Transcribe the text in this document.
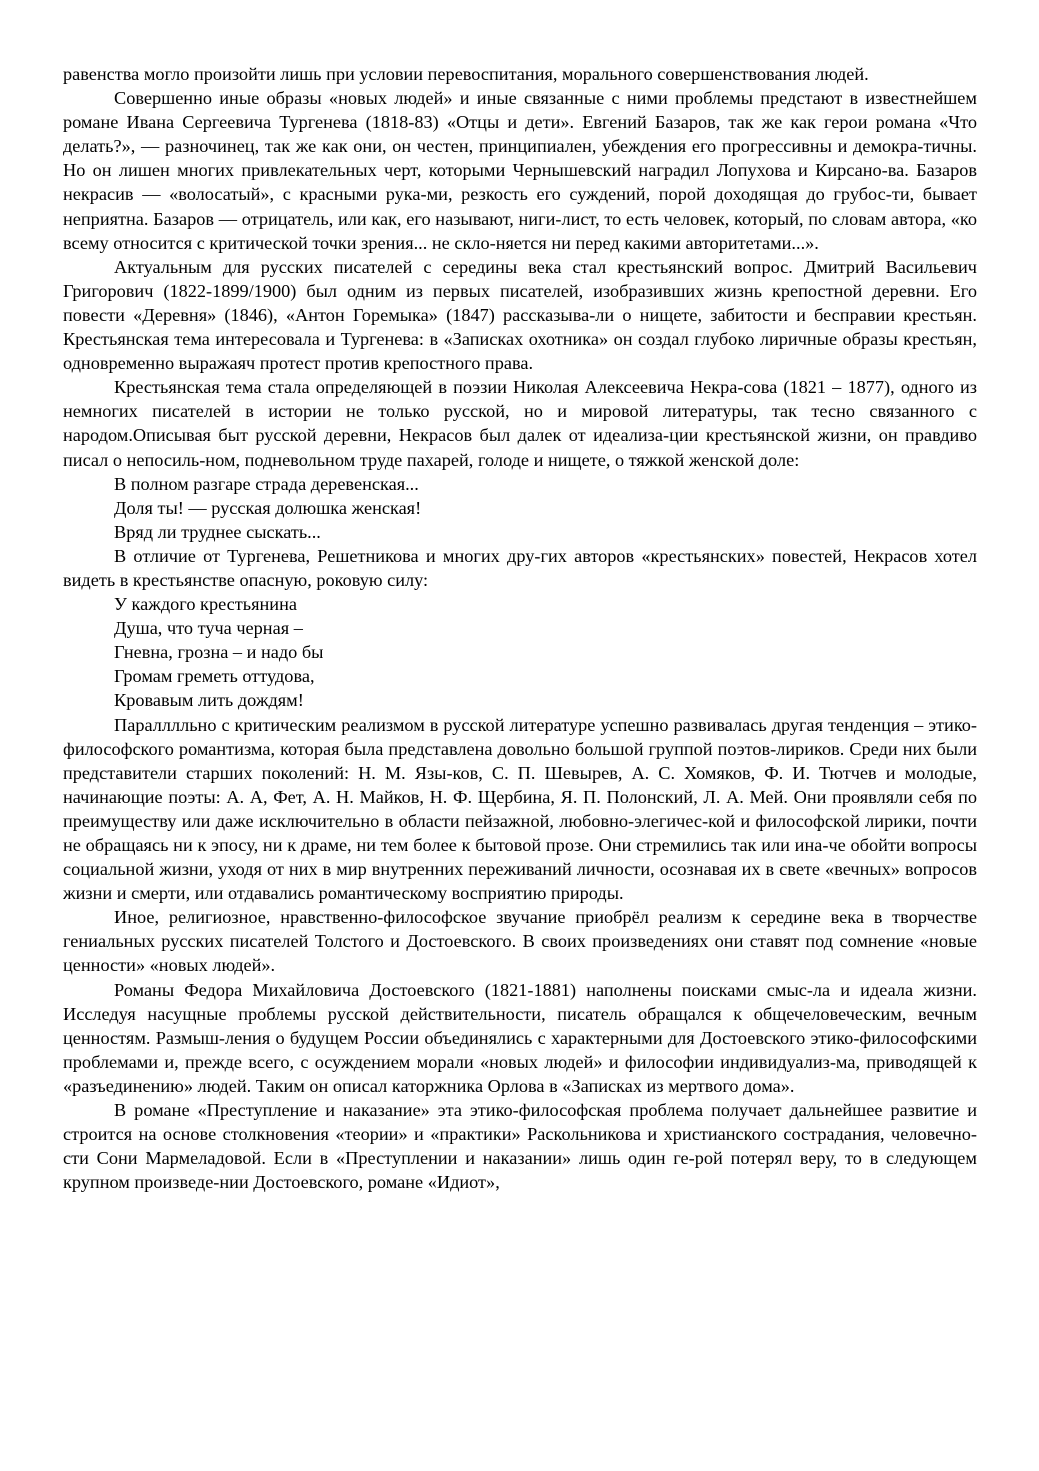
равенства могло произойти лишь при условии перевоспитания, морального совершенствования людей.

Совершенно иные образы «новых людей» и иные связанные с ними проблемы предстают в известнейшем романе Ивана Сергеевича Тургенева (1818-83) «Отцы и дети». Евгений Базаров, так же как герои романа «Что делать?», — разночинец, так же как они, он честен, принципиален, убеждения его прогрессивны и демокра-тичны. Но он лишен многих привлекательных черт, которыми Чернышевский наградил Лопухова и Кирсано-ва. Базаров некрасив — «волосатый», с красными рука-ми, резкость его суждений, порой доходящая до грубос-ти, бывает неприятна. Базаров — отрицатель, или как, его называют, ниги-лист, то есть человек, который, по словам автора, «ко всему относится с критической точки зрения... не скло-няется ни перед какими авторитетами...».

Актуальным для русских писателей с середины века стал крестьянский вопрос. Дмитрий Васильевич Григорович (1822-1899/1900) был одним из первых писателей, изобразивших жизнь крепостной деревни. Его повести «Деревня» (1846), «Антон Горемыка» (1847) рассказыва-ли о нищете, забитости и бесправии крестьян. Крестьянская тема интересовала и Тургенева: в «Записках охотника» он создал глубоко лиричные образы крестьян, одновременно выражаяч протест против крепостного права.

Крестьянская тема стала определяющей в поэзии Николая Алексеевича Некра-сова (1821 – 1877), одного из немногих писателей в истории не только русской, но и мировой литературы, так тесно связанного с народом.Описывая быт русской деревни, Некрасов был далек от идеализа-ции крестьянской жизни, он правдиво писал о непосиль-ном, подневольном труде пахарей, голоде и нищете, о тяжкой женской доле:

В полном разгаре страда деревенская...

Доля ты! — русская долюшка женская!

Вряд ли труднее сыскать...

В отличие от Тургенева, Решетникова и многих дру-гих авторов «крестьянских» повестей, Некрасов хотел видеть в крестьянстве опасную, роковую силу:

У каждого крестьянина

Душа, что туча черная –

Гневна, грозна – и надо бы

Громам греметь оттудова,

Кровавым лить дождям!

Паралллльно с критическим реализмом в русской литературе успешно развивалась другая тенденция – этико-философского романтизма, которая была представлена довольно большой группой поэтов-лириков. Среди них были представители старших поколений: Н. М. Язы-ков, С. П. Шевырев, А. С. Хомяков, Ф. И. Тютчев и молодые, начинающие поэты: А. А, Фет, А. Н. Майков, Н. Ф. Щербина, Я. П. Полонский, Л. А. Мей. Они проявляли себя по преимуществу или даже исключительно в области пейзажной, любовно-элегичес-кой и философской лирики, почти не обращаясь ни к эпосу, ни к драме, ни тем более к бытовой прозе. Они стремились так или ина-че обойти вопросы социальной жизни, уходя от них в мир внутренних переживаний личности, осознавая их в свете «вечных» вопросов жизни и смерти, или отдавались романтическому восприятию природы.

Иное, религиозное, нравственно-философское звучание приобрёл реализм к середине века в творчестве гениальных русских писателей Толстого и Достоевского. В своих произведениях они ставят под сомнение «новые ценности» «новых людей».

Романы Федора Михайловича Достоевского (1821-1881) наполнены поисками смыс-ла и идеала жизни. Исследуя насущные проблемы русской действительности, писатель обращался к общечеловеческим, вечным ценностям. Размыш-ления о будущем России объединялись с характерными для Достоевского этико-философскими проблемами и, прежде всего, с осуждением морали «новых людей» и философии индивидуализ-ма, приводящей к «разъединению» людей. Таким он описал каторжника Орлова в «Записках из мертвого дома».

В романе «Преступление и наказание» эта этико-философская проблема получает дальнейшее развитие и строится на основе столкновения «теории» и «практики» Раскольникова и христианского сострадания, человечно-сти Сони Мармеладовой. Если в «Преступлении и наказании» лишь один ге-рой потерял веру, то в следующем крупном произведе-нии Достоевского, романе «Идиот»,
